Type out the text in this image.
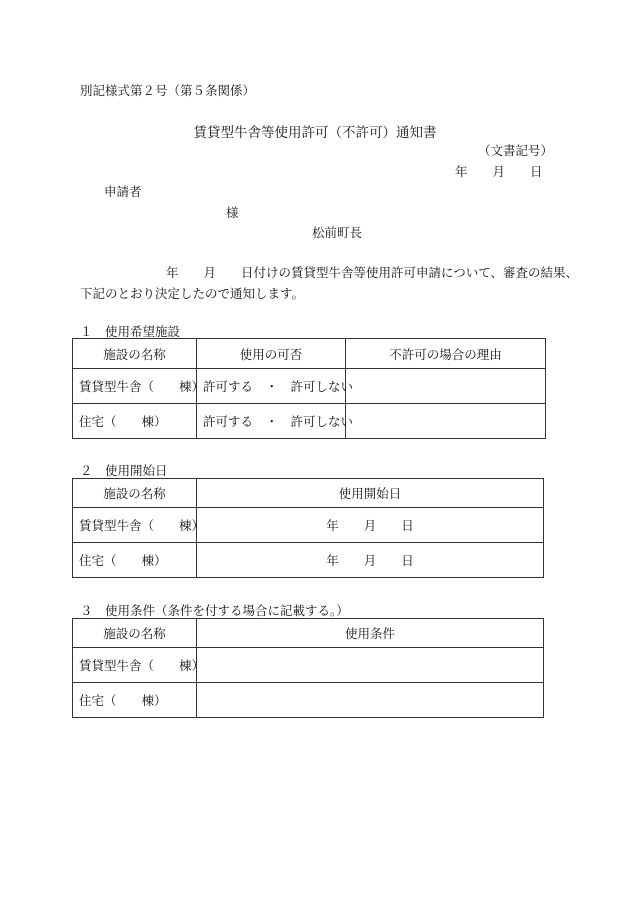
別記様式第２号（第５条関係）
賃貸型牛舎等使用許可（不許可）通知書
（文書記号）
年　　月　　日
申請者
様
松前町長
年　　月　　日付けの賃貸型牛舎等使用許可申請について、審査の結果、
下記のとおり決定したので通知します。
１　使用希望施設
施設の名称	使用の可否	不許可の場合の理由
賃貸型牛舎（　　棟）	許可する　・　許可しない	
住宅（　　棟）	許可する　・　許可しない	
２　使用開始日
施設の名称	使用開始日
賃貸型牛舎（　　棟）	年　　月　　日
住宅（　　棟）	年　　月　　日
３　使用条件（条件を付する場合に記載する。）
施設の名称	使用条件
賃貸型牛舎（　　棟）	
住宅（　　棟）	
